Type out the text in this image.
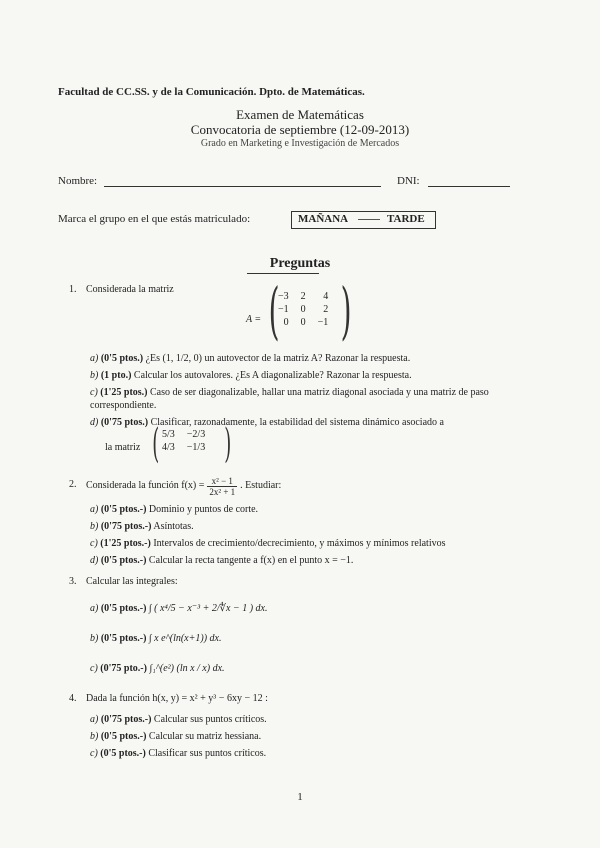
Facultad de CC.SS. y de la Comunicación. Dpto. de Matemáticas.
Examen de Matemáticas
Convocatoria de septiembre (12-09-2013)
Grado en Marketing e Investigación de Mercados
Nombre:	DNI:
Marca el grupo en el que estás matriculado:	MAÑANA	TARDE
Preguntas
1. Considerada la matriz
A = (
−3	2	4
−1	0	2
0	0	−1 )
a) (0'5 ptos.) ¿Es (1, 1/2, 0) un autovector de la matriz A? Razonar la respuesta.
b) (1 pto.) Calcular los autovalores. ¿Es A diagonalizable? Razonar la respuesta.
c) (1'25 ptos.) Caso de ser diagonalizable, hallar una matriz diagonal asociada y una matriz de paso correspondiente.
d) (0'75 ptos.) Clasificar, razonadamente, la estabilidad del sistema dinámico asociado a
la matriz ( 5/3	−2/3
4/3	−1/3 )
2. Considerada la función $f(x) = \frac{\text{x² − 1}}{\text{2x² + 1}}$ . Estudiar:
a) (0'5 ptos.-) Dominio y puntos de corte.
b) (0'75 ptos.-) Asíntotas.
c) (1'25 ptos.-) Intervalos de crecimiento/decrecimiento, y máximos y mínimos relativos
d) (0'5 ptos.-) Calcular la recta tangente a f(x) en el punto x = −1.
3. Calcular las integrales:
a) (0'5 ptos.-) ∫ ( x⁴/5 − x⁻³ + 2/∜x − 1 ) dx.
b) (0'5 ptos.-) ∫ x e^(ln(x+1)) dx.
c) (0'75 pto.-) ∫₁^(e²) (ln x / x) dx.
4. Dada la función h(x, y) = x² + y³ − 6xy − 12 :
a) (0'75 ptos.-) Calcular sus puntos críticos.
b) (0'5 ptos.-) Calcular su matriz hessiana.
c) (0'5 ptos.-) Clasificar sus puntos críticos.
1
